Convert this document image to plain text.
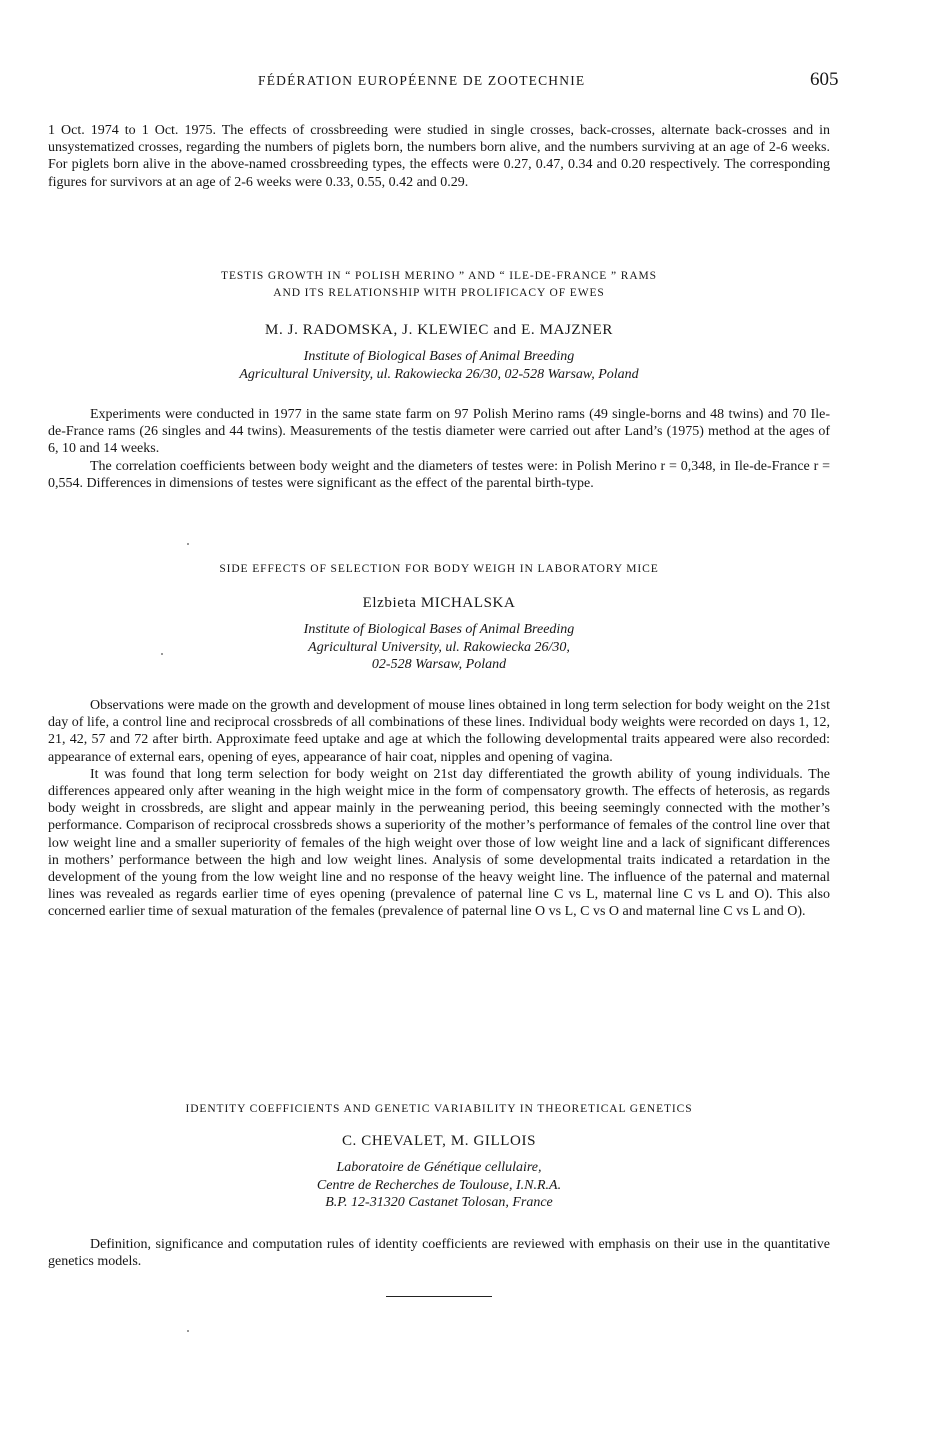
FÉDÉRATION EUROPÉENNE DE ZOOTECHNIE	605
1 Oct. 1974 to 1 Oct. 1975. The effects of crossbreeding were studied in single crosses, back-crosses, alternate back-crosses and in unsystematized crosses, regarding the numbers of piglets born, the numbers born alive, and the numbers surviving at an age of 2-6 weeks. For piglets born alive in the above-named crossbreeding types, the effects were 0.27, 0.47, 0.34 and 0.20 respectively. The corresponding figures for survivors at an age of 2-6 weeks were 0.33, 0.55, 0.42 and 0.29.
TESTIS GROWTH IN “ POLISH MERINO ” AND “ ILE-DE-FRANCE ” RAMS
AND ITS RELATIONSHIP WITH PROLIFICACY OF EWES
M. J. RADOMSKA, J. KLEWIEC and E. MAJZNER
Institute of Biological Bases of Animal Breeding
Agricultural University, ul. Rakowiecka 26/30, 02-528 Warsaw, Poland
Experiments were conducted in 1977 in the same state farm on 97 Polish Merino rams (49 single-borns and 48 twins) and 70 Ile-de-France rams (26 singles and 44 twins). Measurements of the testis diameter were carried out after Land’s (1975) method at the ages of 6, 10 and 14 weeks.
The correlation coefficients between body weight and the diameters of testes were: in Polish Merino r = 0,348, in Ile-de-France r = 0,554. Differences in dimensions of testes were significant as the effect of the parental birth-type.
SIDE EFFECTS OF SELECTION FOR BODY WEIGH IN LABORATORY MICE
Elzbieta MICHALSKA
Institute of Biological Bases of Animal Breeding
Agricultural University, ul. Rakowiecka 26/30,
02-528 Warsaw, Poland
Observations were made on the growth and development of mouse lines obtained in long term selection for body weight on the 21st day of life, a control line and reciprocal crossbreds of all combinations of these lines. Individual body weights were recorded on days 1, 12, 21, 42, 57 and 72 after birth. Approximate feed uptake and age at which the following developmental traits appeared were also recorded: appearance of external ears, opening of eyes, appearance of hair coat, nipples and opening of vagina.
It was found that long term selection for body weight on 21st day differentiated the growth ability of young individuals. The differences appeared only after weaning in the high weight mice in the form of compensatory growth. The effects of heterosis, as regards body weight in crossbreds, are slight and appear mainly in the perweaning period, this beeing seemingly connected with the mother’s performance. Comparison of reciprocal crossbreds shows a superiority of the mother’s performance of females of the control line over that low weight line and a smaller superiority of females of the high weight over those of low weight line and a lack of significant differences in mothers’ performance between the high and low weight lines. Analysis of some developmental traits indicated a retardation in the development of the young from the low weight line and no response of the heavy weight line. The influence of the paternal and maternal lines was revealed as regards earlier time of eyes opening (prevalence of paternal line C vs L, maternal line C vs L and O). This also concerned earlier time of sexual maturation of the females (prevalence of paternal line O vs L, C vs O and maternal line C vs L and O).
IDENTITY COEFFICIENTS AND GENETIC VARIABILITY IN THEORETICAL GENETICS
C. CHEVALET, M. GILLOIS
Laboratoire de Génétique cellulaire,
Centre de Recherches de Toulouse, I.N.R.A.
B.P. 12-31320 Castanet Tolosan, France
Definition, significance and computation rules of identity coefficients are reviewed with emphasis on their use in the quantitative genetics models.
